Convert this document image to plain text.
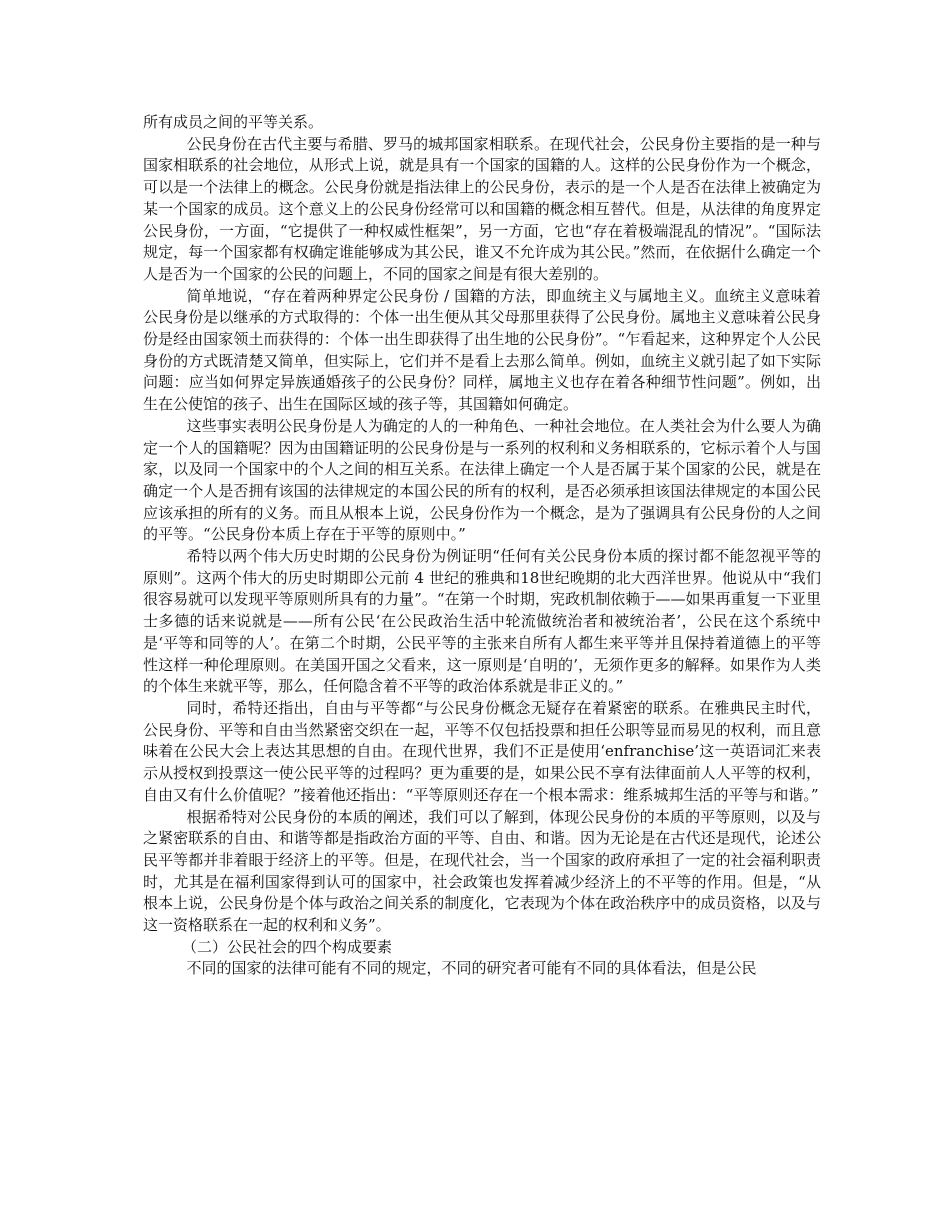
所有成员之间的平等关系。

公民身份在古代主要与希腊、罗马的城邦国家相联系。在现代社会，公民身份主要指的是一种与国家相联系的社会地位，从形式上说，就是具有一个国家的国籍的人。这样的公民身份作为一个概念，可以是一个法律上的概念。公民身份就是指法律上的公民身份，表示的是一个人是否在法律上被确定为某一个国家的成员。这个意义上的公民身份经常可以和国籍的概念相互替代。但是，从法律的角度界定公民身份，一方面，“它提供了一种权威性框架”，另一方面，它也“存在着极端混乱的情况”。“国际法规定，每一个国家都有权确定谁能够成为其公民，谁又不允许成为其公民。”然而，在依据什么确定一个人是否为一个国家的公民的问题上，不同的国家之间是有很大差别的。

简单地说，“存在着两种界定公民身份 / 国籍的方法，即血统主义与属地主义。血统主义意味着公民身份是以继承的方式取得的：个体一出生便从其父母那里获得了公民身份。属地主义意味着公民身份是经由国家领土而获得的：个体一出生即获得了出生地的公民身份”。“乍看起来，这种界定个人公民身份的方式既清楚又简单，但实际上，它们并不是看上去那么简单。例如，血统主义就引起了如下实际问题：应当如何界定异族通婚孩子的公民身份？同样，属地主义也存在着各种细节性问题”。例如，出生在公使馆的孩子、出生在国际区域的孩子等，其国籍如何确定。

这些事实表明公民身份是人为确定的人的一种角色、一种社会地位。在人类社会为什么要人为确定一个人的国籍呢？因为由国籍证明的公民身份是与一系列的权利和义务相联系的，它标示着个人与国家，以及同一个国家中的个人之间的相互关系。在法律上确定一个人是否属于某个国家的公民，就是在确定一个人是否拥有该国的法律规定的本国公民的所有的权利，是否必须承担该国法律规定的本国公民应该承担的所有的义务。而且从根本上说，公民身份作为一个概念，是为了强调具有公民身份的人之间的平等。“公民身份本质上存在于平等的原则中。”

希特以两个伟大历史时期的公民身份为例证明“任何有关公民身份本质的探讨都不能忽视平等的原则”。这两个伟大的历史时期即公元前 4 世纪的雅典和18世纪晚期的北大西洋世界。他说从中“我们很容易就可以发现平等原则所具有的力量”。“在第一个时期，宪政机制依赖于——如果再重复一下亚里士多德的话来说就是——所有公民‘在公民政治生活中轮流做统治者和被统治者’，公民在这个系统中是‘平等和同等的人’。在第二个时期，公民平等的主张来自所有人都生来平等并且保持着道德上的平等性这样一种伦理原则。在美国开国之父看来，这一原则是‘自明的’，无须作更多的解释。如果作为人类的个体生来就平等，那么，任何隐含着不平等的政治体系就是非正义的。”

同时，希特还指出，自由与平等都“与公民身份概念无疑存在着紧密的联系。在雅典民主时代，公民身份、平等和自由当然紧密交织在一起，平等不仅包括投票和担任公职等显而易见的权利，而且意味着在公民大会上表达其思想的自由。在现代世界，我们不正是使用‘enfranchise’这一英语词汇来表示从授权到投票这一使公民平等的过程吗？更为重要的是，如果公民不享有法律面前人人平等的权利，自由又有什么价值呢？”接着他还指出：“平等原则还存在一个根本需求：维系城邦生活的平等与和谐。”

根据希特对公民身份的本质的阐述，我们可以了解到，体现公民身份的本质的平等原则，以及与之紧密联系的自由、和谐等都是指政治方面的平等、自由、和谐。因为无论是在古代还是现代，论述公民平等都并非着眼于经济上的平等。但是，在现代社会，当一个国家的政府承担了一定的社会福利职责时，尤其是在福利国家得到认可的国家中，社会政策也发挥着减少经济上的不平等的作用。但是，“从根本上说，公民身份是个体与政治之间关系的制度化，它表现为个体在政治秩序中的成员资格，以及与这一资格联系在一起的权利和义务”。

（二）公民社会的四个构成要素

不同的国家的法律可能有不同的规定，不同的研究者可能有不同的具体看法，但是公民
